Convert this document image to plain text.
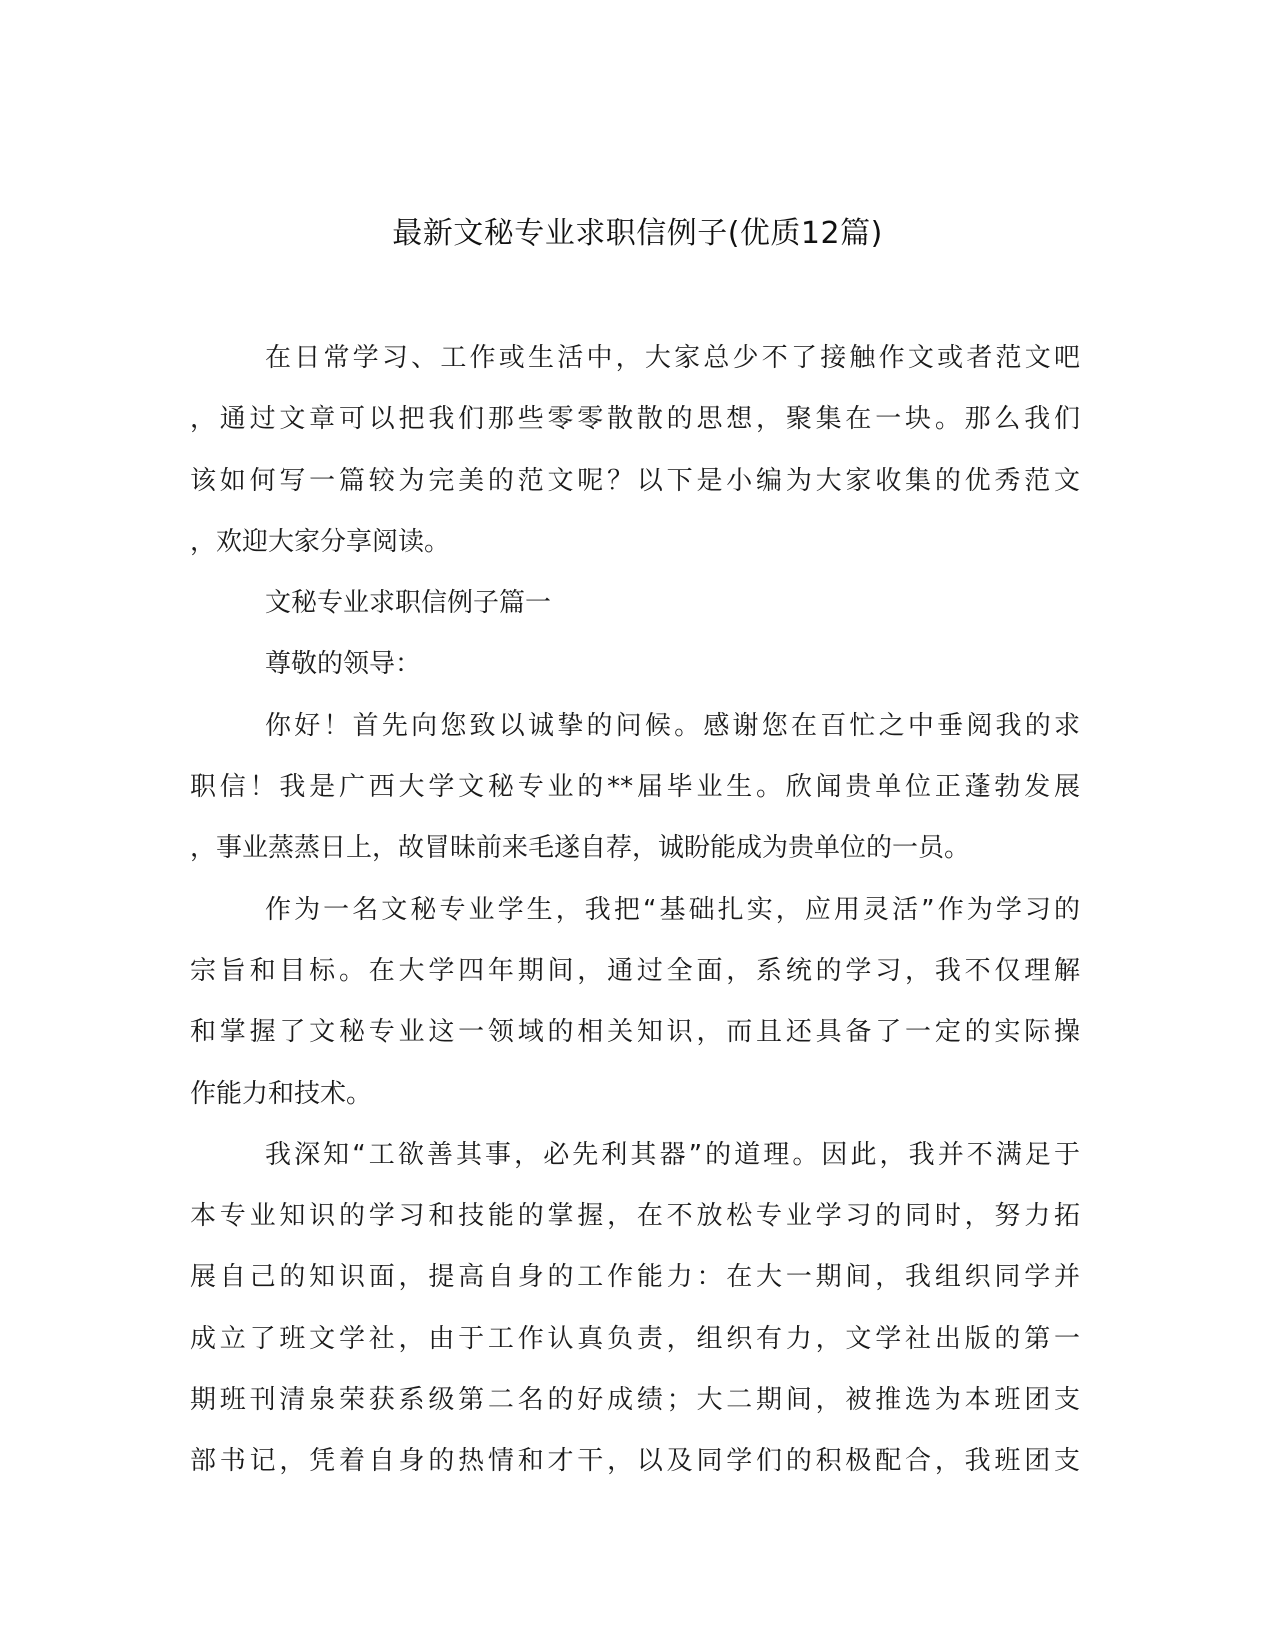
最新文秘专业求职信例子(优质12篇)
在日常学习、工作或生活中，大家总少不了接触作文或者范文吧
，通过文章可以把我们那些零零散散的思想，聚集在一块。那么我们
该如何写一篇较为完美的范文呢？以下是小编为大家收集的优秀范文
，欢迎大家分享阅读。
文秘专业求职信例子篇一
尊敬的领导：
你好！首先向您致以诚挚的问候。感谢您在百忙之中垂阅我的求
职信！我是广西大学文秘专业的**届毕业生。欣闻贵单位正蓬勃发展
，事业蒸蒸日上，故冒昧前来毛遂自荐，诚盼能成为贵单位的一员。
作为一名文秘专业学生，我把“基础扎实，应用灵活”作为学习的
宗旨和目标。在大学四年期间，通过全面，系统的学习，我不仅理解
和掌握了文秘专业这一领域的相关知识，而且还具备了一定的实际操
作能力和技术。
我深知“工欲善其事，必先利其器”的道理。因此，我并不满足于
本专业知识的学习和技能的掌握，在不放松专业学习的同时，努力拓
展自己的知识面，提高自身的工作能力：在大一期间，我组织同学并
成立了班文学社，由于工作认真负责，组织有力，文学社出版的第一
期班刊清泉荣获系级第二名的好成绩；大二期间，被推选为本班团支
部书记，凭着自身的热情和才干，以及同学们的积极配合，我班团支
